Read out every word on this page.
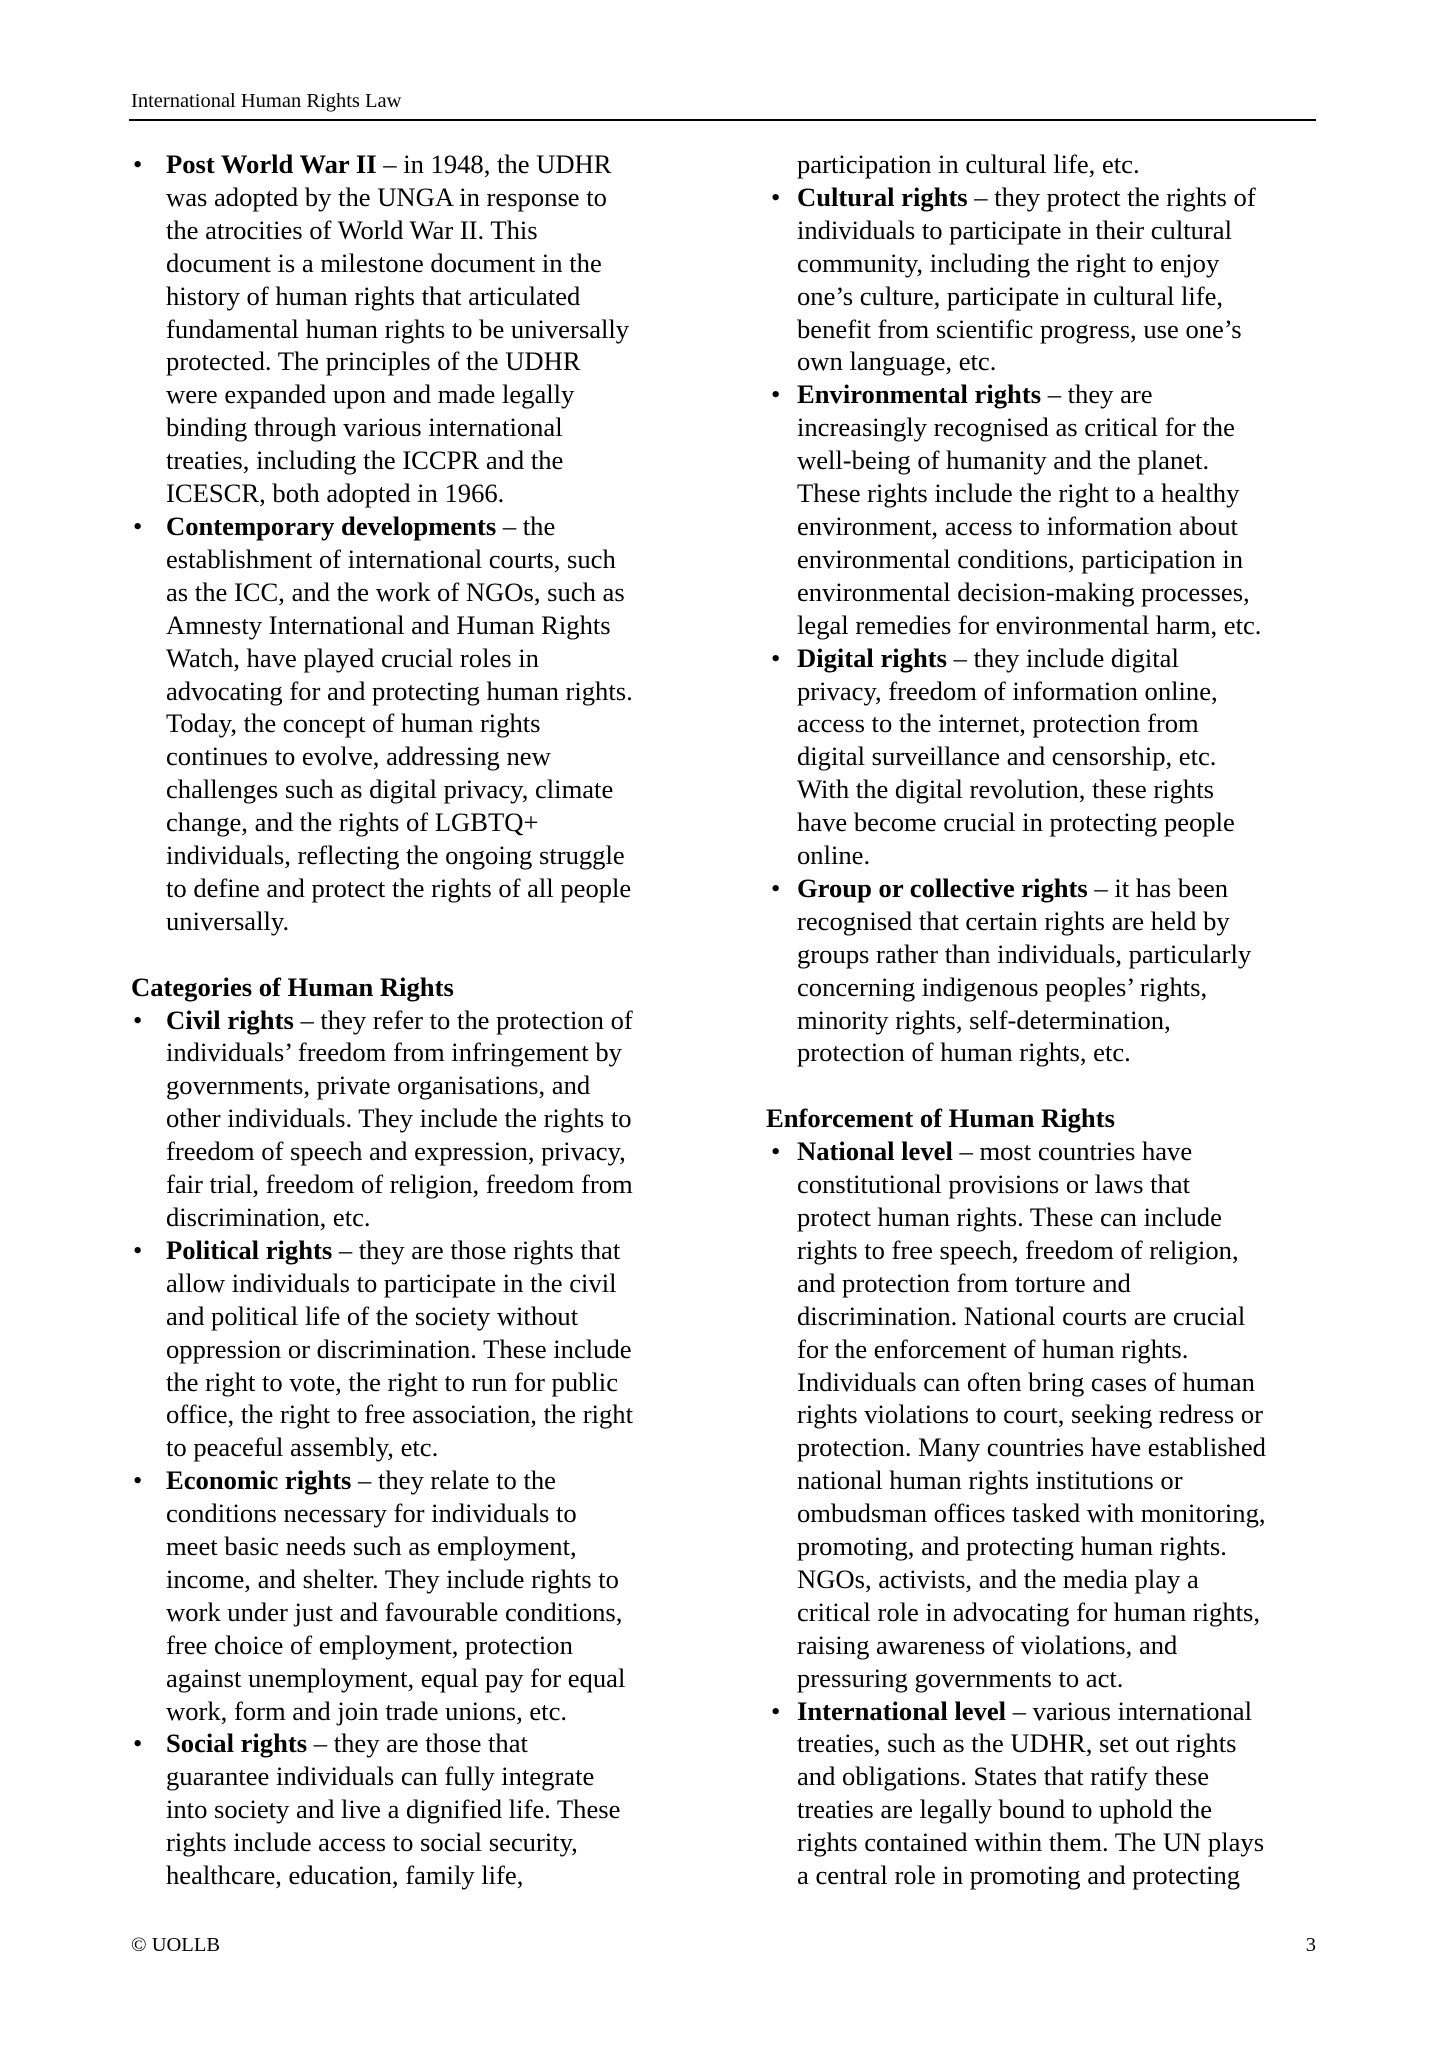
International Human Rights Law
• Post World War II – in 1948, the UDHR
was adopted by the UNGA in response to
the atrocities of World War II. This
document is a milestone document in the
history of human rights that articulated
fundamental human rights to be universally
protected. The principles of the UDHR
were expanded upon and made legally
binding through various international
treaties, including the ICCPR and the
ICESCR, both adopted in 1966.
• Contemporary developments – the
establishment of international courts, such
as the ICC, and the work of NGOs, such as
Amnesty International and Human Rights
Watch, have played crucial roles in
advocating for and protecting human rights.
Today, the concept of human rights
continues to evolve, addressing new
challenges such as digital privacy, climate
change, and the rights of LGBTQ+
individuals, reflecting the ongoing struggle
to define and protect the rights of all people
universally.
Categories of Human Rights
• Civil rights – they refer to the protection of
individuals’ freedom from infringement by
governments, private organisations, and
other individuals. They include the rights to
freedom of speech and expression, privacy,
fair trial, freedom of religion, freedom from
discrimination, etc.
• Political rights – they are those rights that
allow individuals to participate in the civil
and political life of the society without
oppression or discrimination. These include
the right to vote, the right to run for public
office, the right to free association, the right
to peaceful assembly, etc.
• Economic rights – they relate to the
conditions necessary for individuals to
meet basic needs such as employment,
income, and shelter. They include rights to
work under just and favourable conditions,
free choice of employment, protection
against unemployment, equal pay for equal
work, form and join trade unions, etc.
• Social rights – they are those that
guarantee individuals can fully integrate
into society and live a dignified life. These
rights include access to social security,
healthcare, education, family life,

participation in cultural life, etc.

• Cultural rights – they protect the rights of
individuals to participate in their cultural
community, including the right to enjoy
one’s culture, participate in cultural life,
benefit from scientific progress, use one’s
own language, etc.
• Environmental rights – they are
increasingly recognised as critical for the
well-being of humanity and the planet.
These rights include the right to a healthy
environment, access to information about
environmental conditions, participation in
environmental decision-making processes,
legal remedies for environmental harm, etc.
• Digital rights – they include digital
privacy, freedom of information online,
access to the internet, protection from
digital surveillance and censorship, etc.
With the digital revolution, these rights
have become crucial in protecting people
online.
• Group or collective rights – it has been
recognised that certain rights are held by
groups rather than individuals, particularly
concerning indigenous peoples’ rights,
minority rights, self-determination,
protection of human rights, etc.
Enforcement of Human Rights
• National level – most countries have
constitutional provisions or laws that
protect human rights. These can include
rights to free speech, freedom of religion,
and protection from torture and
discrimination. National courts are crucial
for the enforcement of human rights.
Individuals can often bring cases of human
rights violations to court, seeking redress or
protection. Many countries have established
national human rights institutions or
ombudsman offices tasked with monitoring,
promoting, and protecting human rights.
NGOs, activists, and the media play a
critical role in advocating for human rights,
raising awareness of violations, and
pressuring governments to act.
• International level – various international
treaties, such as the UDHR, set out rights
and obligations. States that ratify these
treaties are legally bound to uphold the
rights contained within them. The UN plays
a central role in promoting and protecting
© UOLLB	3
